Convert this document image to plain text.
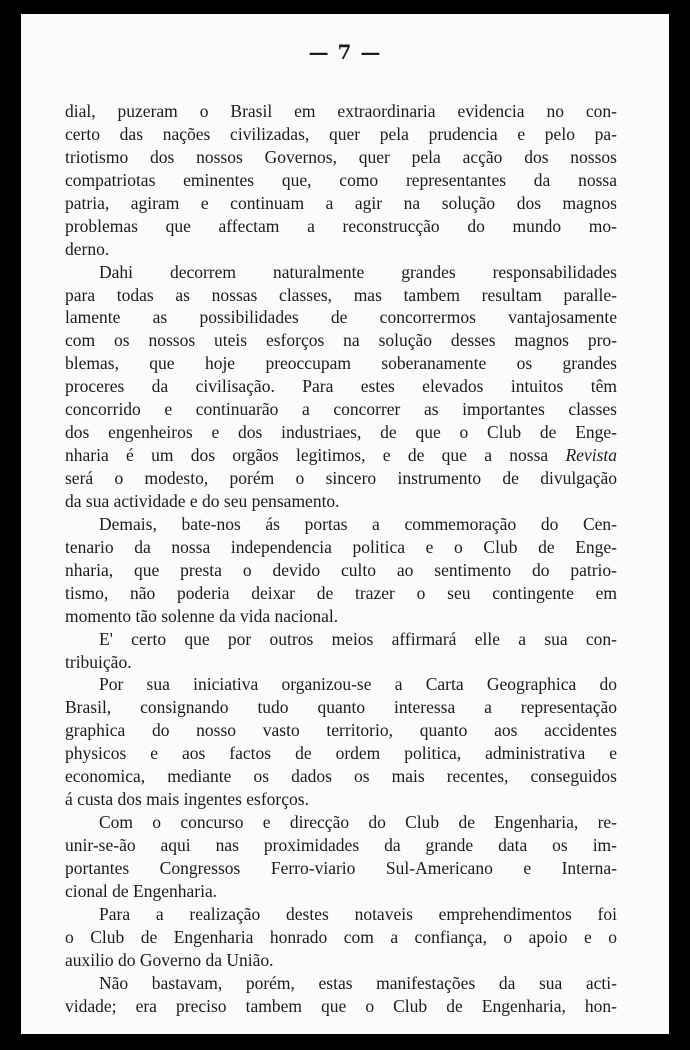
— 7 —
dial, puzeram o Brasil em extraordinaria evidencia no con-
certo das nações civilizadas, quer pela prudencia e pelo pa-
triotismo dos nossos Governos, quer pela acção dos nossos
compatriotas eminentes que, como representantes da nossa
patria, agiram e continuam a agir na solução dos magnos
problemas que affectam a reconstrucção do mundo mo-
derno.
Dahi decorrem naturalmente grandes responsabilidades
para todas as nossas classes, mas tambem resultam paralle-
lamente as possibilidades de concorrermos vantajosamente
com os nossos uteis esforços na solução desses magnos pro-
blemas, que hoje preoccupam soberanamente os grandes
proceres da civilisação. Para estes elevados intuitos têm
concorrido e continuarão a concorrer as importantes classes
dos engenheiros e dos industriaes, de que o Club de Enge-
nharia é um dos orgãos legitimos, e de que a nossa Revista
será o modesto, porém o sincero instrumento de divulgação
da sua actividade e do seu pensamento.
Demais, bate-nos ás portas a commemoração do Cen-
tenario da nossa independencia politica e o Club de Enge-
nharia, que presta o devido culto ao sentimento do patrio-
tismo, não poderia deixar de trazer o seu contingente em
momento tão solenne da vida nacional.
E' certo que por outros meios affirmará elle a sua con-
tribuição.
Por sua iniciativa organizou-se a Carta Geographica do
Brasil, consignando tudo quanto interessa a representação
graphica do nosso vasto territorio, quanto aos accidentes
physicos e aos factos de ordem politica, administrativa e
economica, mediante os dados os mais recentes, conseguidos
á custa dos mais ingentes esforços.
Com o concurso e direcção do Club de Engenharia, re-
unir-se-ão aqui nas proximidades da grande data os im-
portantes Congressos Ferro-viario Sul-Americano e Interna-
cional de Engenharia.
Para a realização destes notaveis emprehendimentos foi
o Club de Engenharia honrado com a confiança, o apoio e o
auxilio do Governo da União.
Não bastavam, porém, estas manifestações da sua acti-
vidade; era preciso tambem que o Club de Engenharia, hon-
